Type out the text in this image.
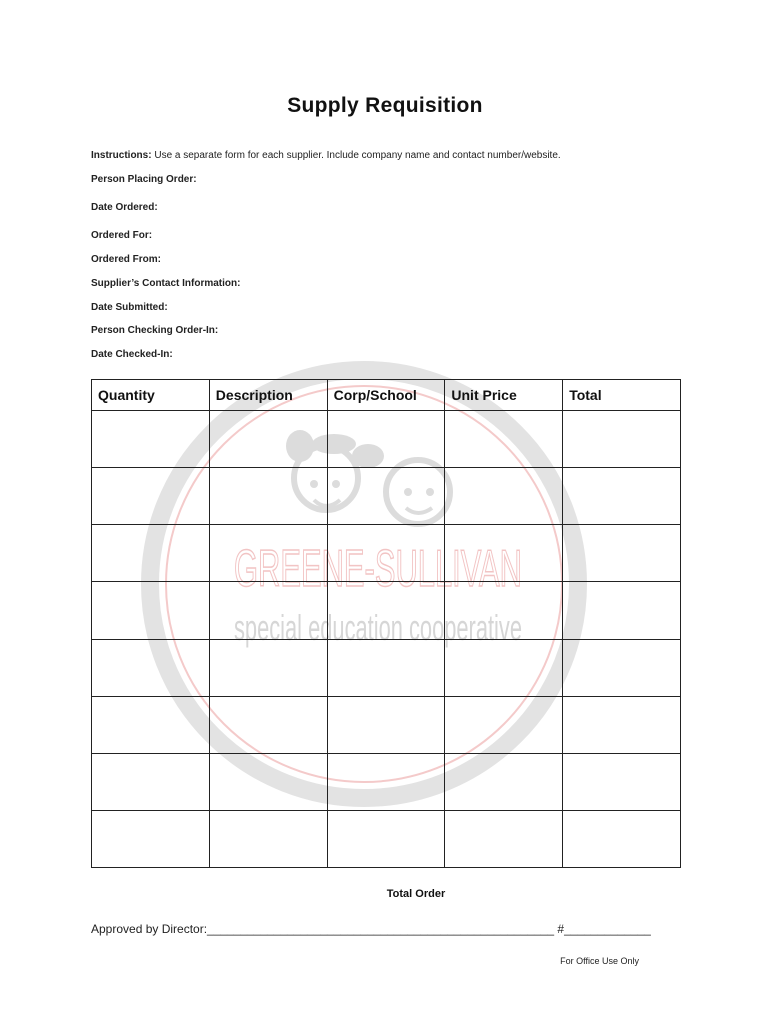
GREENE-SULLIVAN
special education cooperative
Supply Requisition
Instructions: Use a separate form for each supplier. Include company name and contact number/website.
Person Placing Order:
Date Ordered:
Ordered For:
Ordered From:
Supplier’s Contact Information:
Date Submitted:
Person Checking Order-In:
Date Checked-In:
Quantity	Description	Corp/School	Unit Price	Total

Total Order
Approved by Director:____________________________________________________ #_____________
For Office Use Only
